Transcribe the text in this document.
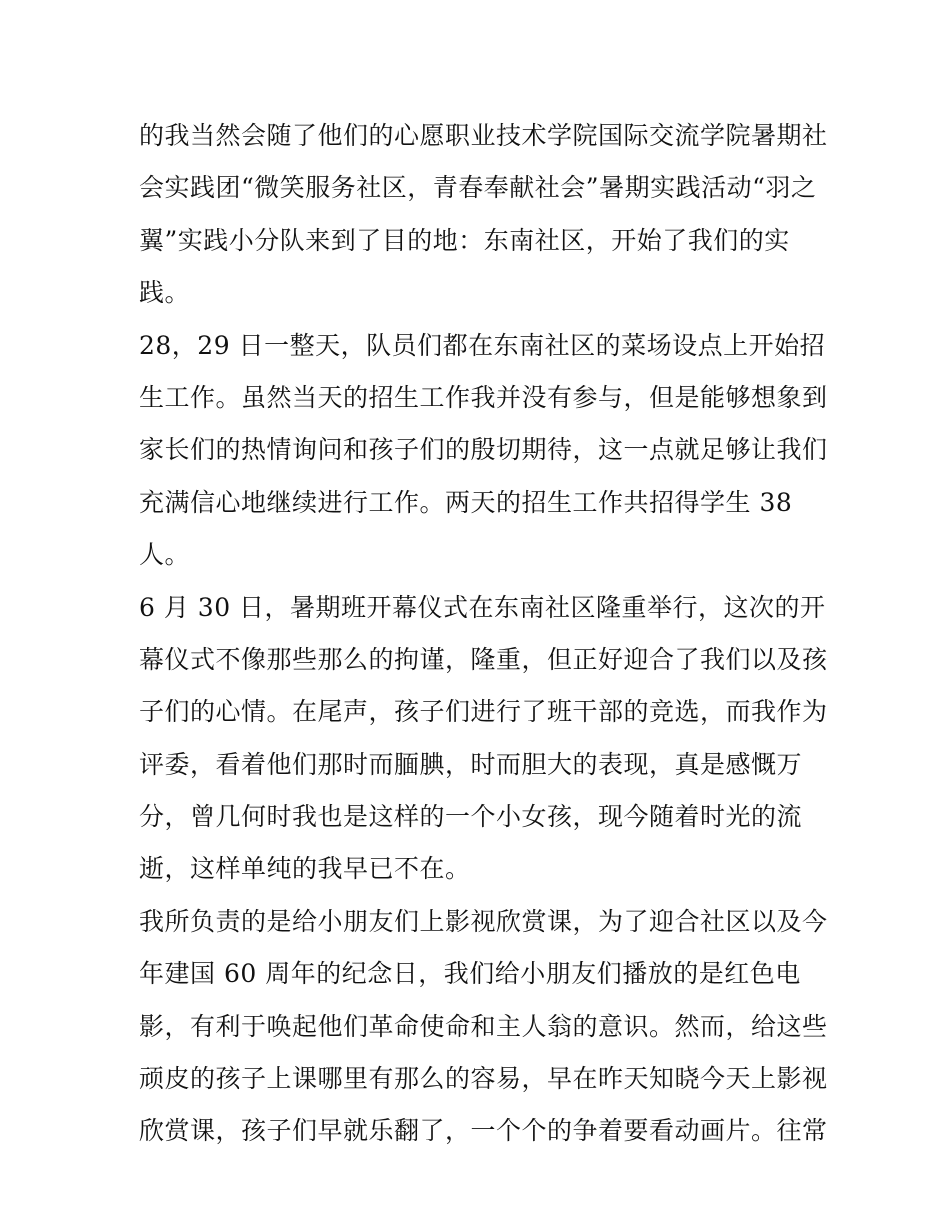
的我当然会随了他们的心愿职业技术学院国际交流学院暑期社
会实践团“微笑服务社区，青春奉献社会”暑期实践活动“羽之
翼”实践小分队来到了目的地：东南社区，开始了我们的实
践。
28，29 日一整天，队员们都在东南社区的菜场设点上开始招
生工作。虽然当天的招生工作我并没有参与，但是能够想象到
家长们的热情询问和孩子们的殷切期待，这一点就足够让我们
充满信心地继续进行工作。两天的招生工作共招得学生 38
人。
6 月 30 日，暑期班开幕仪式在东南社区隆重举行，这次的开
幕仪式不像那些那么的拘谨，隆重，但正好迎合了我们以及孩
子们的心情。在尾声，孩子们进行了班干部的竞选，而我作为
评委，看着他们那时而腼腆，时而胆大的表现，真是感慨万
分，曾几何时我也是这样的一个小女孩，现今随着时光的流
逝，这样单纯的我早已不在。
我所负责的是给小朋友们上影视欣赏课，为了迎合社区以及今
年建国 60 周年的纪念日，我们给小朋友们播放的是红色电
影，有利于唤起他们革命使命和主人翁的意识。然而，给这些
顽皮的孩子上课哪里有那么的容易，早在昨天知晓今天上影视
欣赏课，孩子们早就乐翻了，一个个的争着要看动画片。往常
